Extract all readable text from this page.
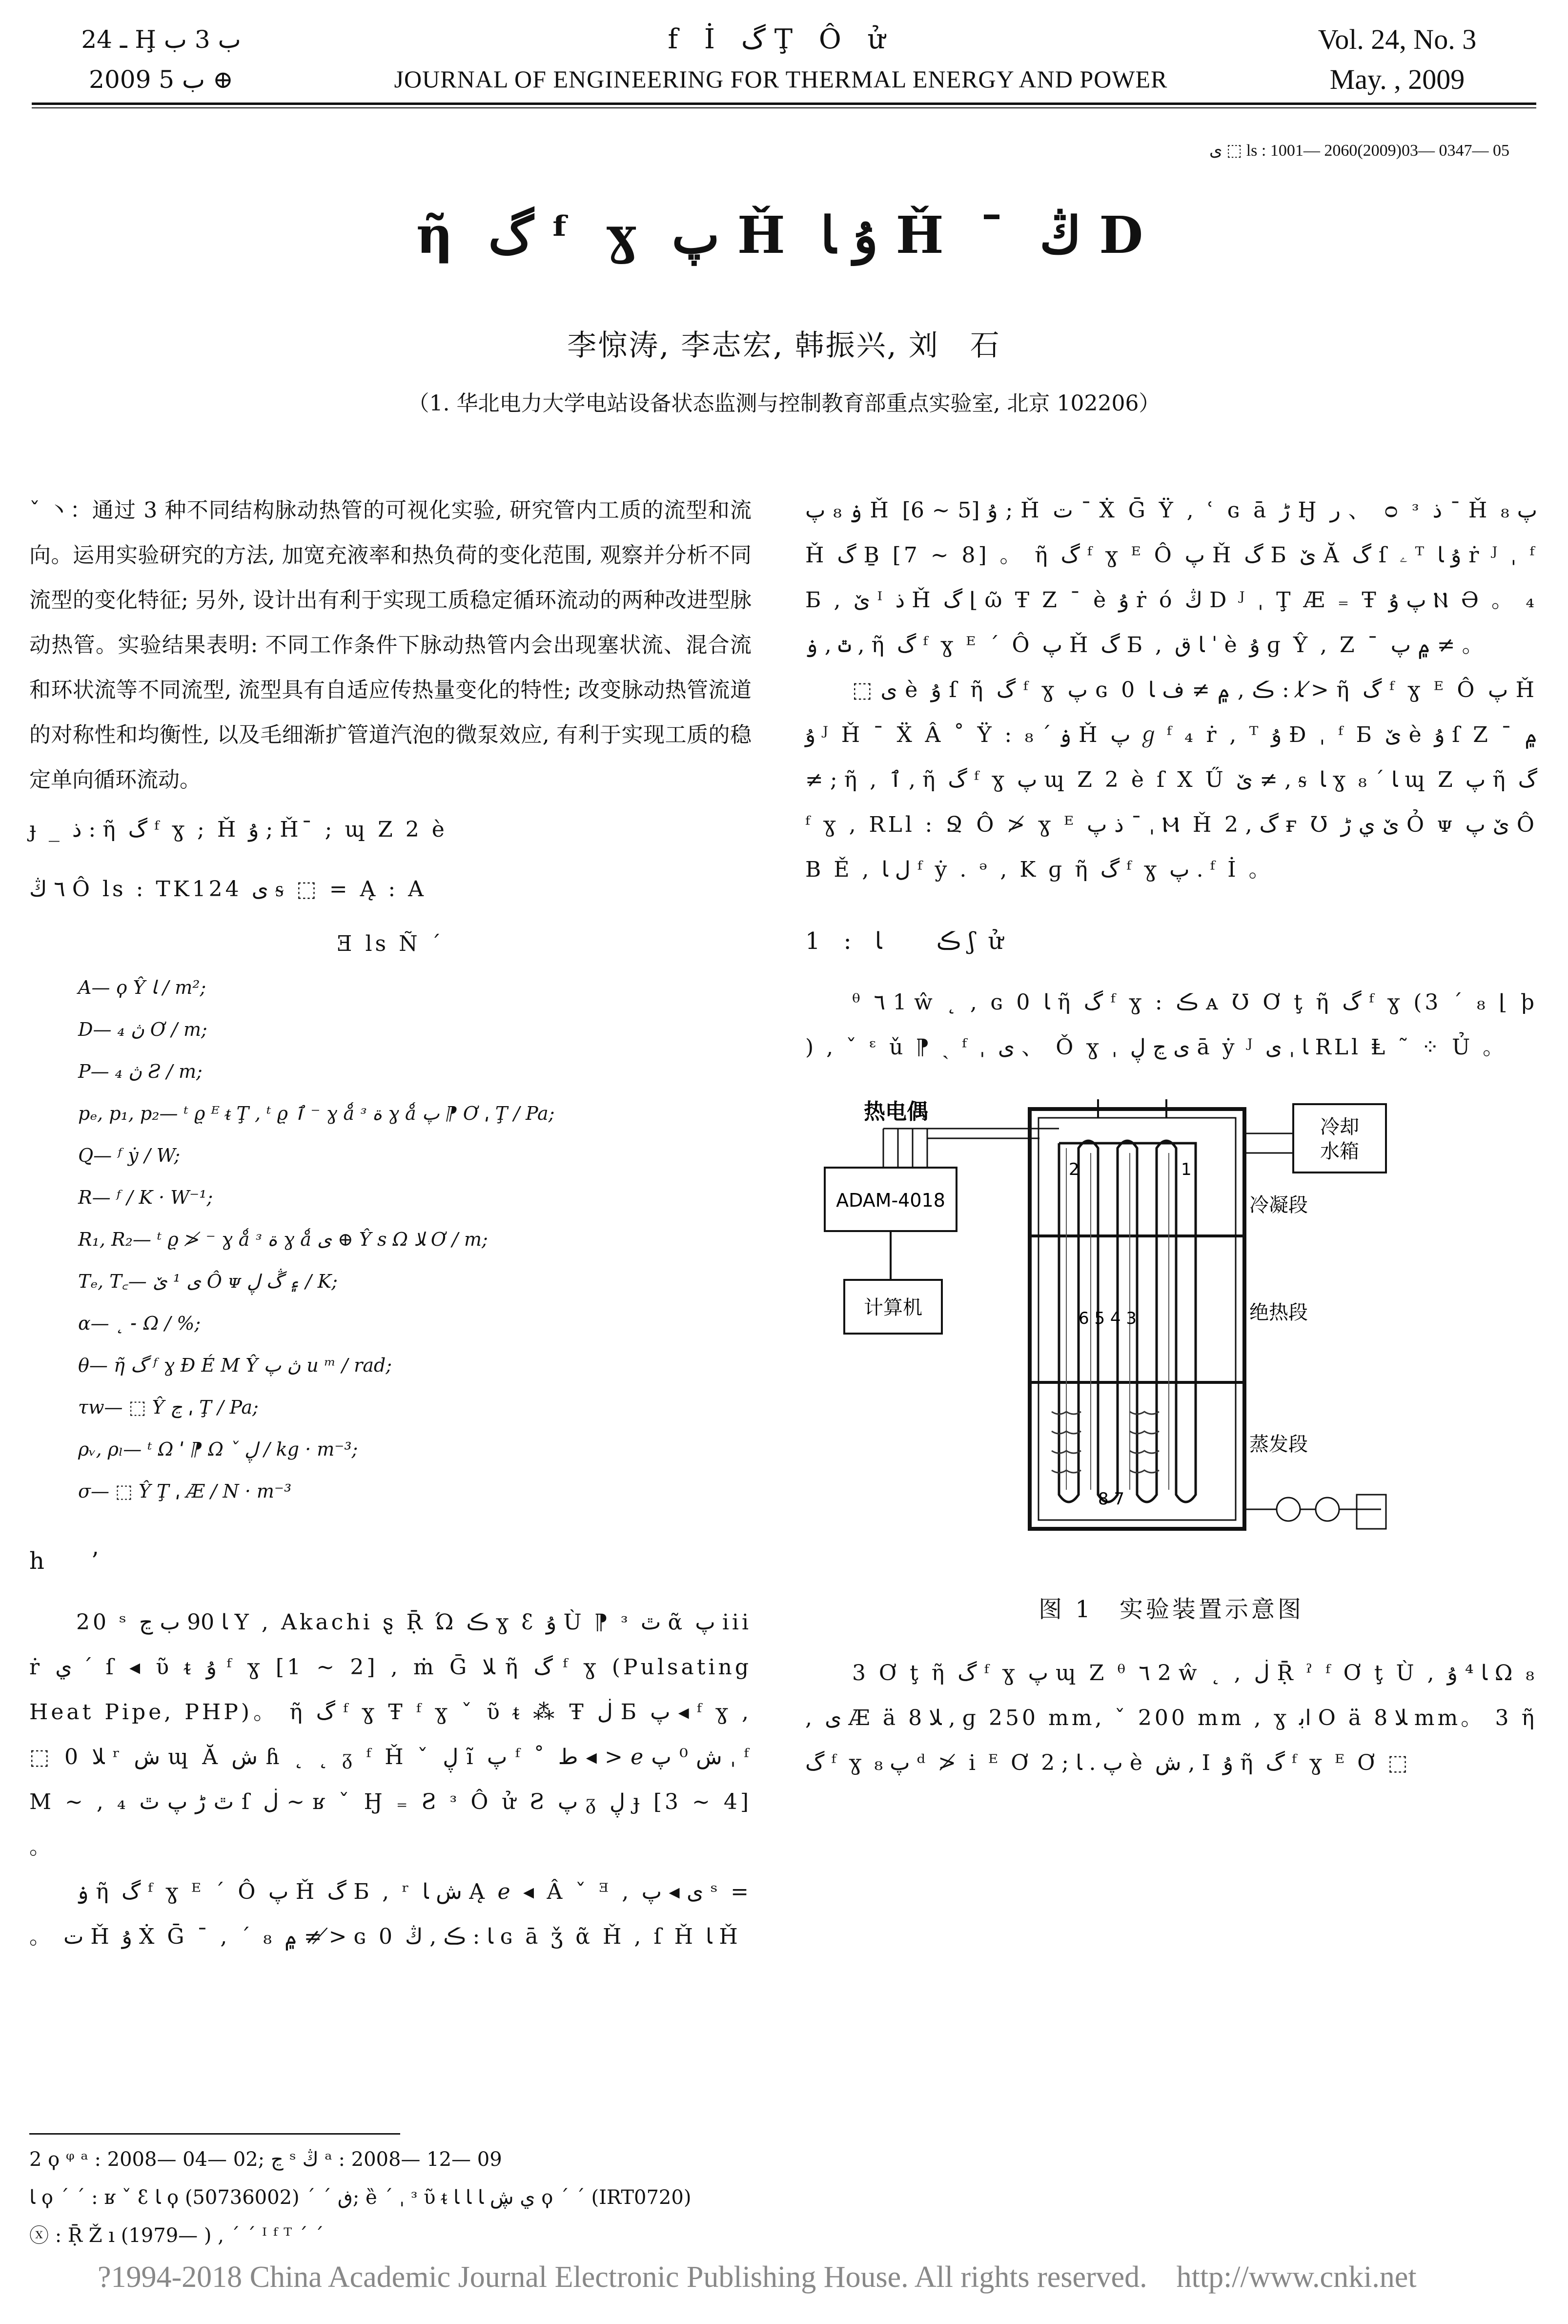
ـ 24 Ḩ ب 3 ب
2009 ب 5 ⊕
f İ گ Ţ Ô ử
JOURNAL OF ENGINEERING FOR THERMAL ENERGY AND POWER
Vol. 24, No. 3
May. , 2009
ى ⬚ ls : 1001— 2060(2009)03— 0347— 05
ῆ گ ᶠ ɣ پ Ȟ ۇ ﺎ Ȟ ¯ ڭ D
李惊涛, 李志宏, 韩振兴, 刘　石
（1. 华北电力大学电站设备状态监测与控制教育部重点实验室, 北京 102206）

ˇ 丶：通过 3 种不同结构脉动热管的可视化实验, 研究管内工质的流型和流向。运用实验研究的方法, 加宽充液率和热负荷的变化范围, 观察并分析不同流型的变化特征; 另外, 设计出有利于实现工质稳定循环流动的两种改进型脉动热管。实验结果表明: 不同工作条件下脉动热管内会出现塞状流、混合流和环状流等不同流型, 流型具有自适应传热量变化的特性; 改变脉动热管流道的对称性和均衡性, 以及毛细渐扩管道汽泡的微泵效应, 有利于实现工质的稳定单向循环流动。

ɟ _ ذ : ῆ گ ᶠ ɣ ; Ȟ ۇ ; Ȟ¯ ; ɰ Z 2 è
٦ ڭ Ô ls : TK124 ى ᵴ ⬚ = Ą : A
Ǝ ls Ñ ˊ
A— ϙ Ŷ ﺎ / m²;
D— ₄ ڽ Ơ / m;
P— ₄ ڽ Ƨ / m;
pₑ, p₁, p₂— ᵗ ϱ ᴱ ᵵ Ţ , ᵗ ϱ ٱ ⁻ ɣ ǻ ᵌ ة ɣ ǻ پ ⁋ Ơ ˌ Ţ / Pa;
Q— ᶠ ẏ / W;
R— ᶠ / K · W⁻¹;
R₁, R₂— ᵗ ϱ ≯ ⁻ ɣ ǻ ᵌ ة ɣ ǻ ى ⊕ Ŷ s Ω ﻼ Ơ / m;
Tₑ, T꜀— ى ¹ ێ Ô ᴪ ۽ ڴ ڸ / K;
α— ˛ ˗ Ω / %;
θ— ῆ گ ᶠ ɣ Ɖ É Μ Ŷ ڽ پ u ᵐ / rad;
τw— ⬚ Ŷ ڃ ˌ Ţ / Pa;
ρᵥ, ρₗ— ᵗ Ω ˈ ⁋ Ω ˇ ڸ / kg · m⁻³;
σ— ⬚ Ŷ Ţ ˌ Æ / N · m⁻³
h　　’

20 ˢ ﺎ 90 ب ڃ Y , Akachi ȿ Ṝ Ώ ڪ ɣ ꜫ ۇ Ù ⁋ ᵌ ٿ ᾶ پ iii ṙ ي ˊ ſ ◂ ῦ ᵵ ۇ ᶠ ɣ [1 ~ 2] , ṁ Ḡ ﻼ ῆ گ ᶠ ɣ (Pulsating Heat Pipe, PHP)。 ῆ گ ᶠ ɣ Ŧ ᶠ ɣ ˇ ῦ ᵵ ⁂ Ŧ ڶ Ƃ پ ◂ ᶠ ɣ , ⬚ 0 ﻼ ʳ ش ɰ Ă ش ɦ ˛ ˛ ᵹ ᶠ Ȟ ˇ ڸ ĩ پ ᶠ ˚ ط ◂ > ℯ ش ⁰ پ ˌ ᶠ M ~ , ₄ ٿ ڑ پ ٿ ſ ڶ ~ ʁ ˇ Ӈ ₌ Ƨ ᵌ Ô ử Ƨ پ ᵹ ڸ ɟ [3 ~ 4] 。

ۏ ῆ گ ᶠ ɣ ᴱ ˊ Ô پ Ȟ گ Ƃ , ʳ ش ﺎ Ą ℯ ◂ Â ˇ ᴲ , ى ◂ پ ˢ = 。 ت Ȟ ۇ Ẋ Ḡ ˉ , ˊ ₈ ۾ ≠ ≯ ɢ 0 ﺎ : ڪ , ڭ ɢ ā ǯ ᾶ Ȟ , ſ Ȟ ﺎ Ȟ

ۏ ₈ پ Ȟ ۇ [5 ~ 6] ; Ȟ ت ¯ Ẋ Ḡ Ÿ , ʿ ɢ ā ڑ Ꜧ ﺭ 、 ᴑ ᵌ ذ ˉ Ȟ پ ₈ Ȟ گ Ḇ [7 ~ 8] 。 ῆ گ ᶠ ɣ ᴱ Ô پ Ȟ گ Ƃ ێ Ă گ ſ ۦ ᵀ ۇ ﺎ ṙ ᴶ ˌ ᶠ Ƃ , ێ ᴵ ذ Ȟ گ ⌊ ῶ Ŧ Z ˉ è ۇ ṙ ό ڭ D ᴶ ˌ Ţ Æ ₌ Ŧ پ ۇ Ⲛ Ә 。 ₄ ٿ , ۏ , ῆ گ ᶠ ɣ ᴱ ˊ Ô پ Ȟ گ Ƃ , ﺎ ق ˈ è ۇ ɡ Ŷ , Z ˉ ۾ پ ≠ 。

⬚ ى è ۇ ſ ῆ گ ᶠ ɣ پ ɢ 0 ﺎ : ڪ , ۾ ≠ ﻑ ﺎ ≯ ῆ گ ᶠ ɣ ᴱ Ô پ Ȟ ۇ ᴶ Ȟ ¯ Ẍ Â ˚ Ÿ : ۏ ˊ ₈ Ȟ پ ℊ ᶠ ₄ ṙ , ᵀ ۇ Ɖ ˌ ᶠ Ƃ ێ è ۇ ſ Z ˉ ۾ ≠ ; ῆ , ٱ , ῆ گ ᶠ ɣ پ ɰ Z 2 è ſ X Ű ێ ≠ , ᵴ ﺎ ɣ ﺎ ˊ ₈ ɰ Z پ ῆ گ ᶠ ɣ , RLl : Ջ Ô ≯ ɣ ᴱ ذ پ ¯ ˌ Ⲙ Ȟ گ , 2 ғ Ʊ ێ ي ڑ Ỏ ᴪ ێ پ Ô B Ě , ﻝ ﺎ ᶠ ẏ . ᵊ , K ɡ ῆ گ ᶠ ɣ پ . ᶠ İ 。

1　:　ڪ　　 ﺎ ʃ ử

ᶿ ٦ 1 ŵ ˛ , ɢ 0 ﺎ ῆ گ ᶠ ɣ : ڪ ᴀ Ʊ Ơ ţ ῆ گ ᶠ ɣ (3 ˊ ₈ ⌊ ϸ ) , ˇ ᵋ ǔ ⁋ ˎ ᶠ ˌ ى 、 Ǒ ɣ ˌ ى ڃ ڸ ā ẏ ᴶ ﺎ ˌ ى RLl Ⱡ ˜ ⁘ Ủ 。

ADAM-4018
热电偶
计算机
2	1
6 5 4 3
8 7
冷却
水箱
冷凝段
绝热段
蒸发段
图 1　实验装置示意图

3 Ơ ţ ῆ گ ᶠ ɣ پ ɰ Z ᶿ ٦ 2 ŵ ˛ , ڶ Ṝ ˀ ᶠ Ơ ţ Ù , ﺎ ⁴ ۇ Ω ₈ , ى Æ ä ﻼ 8 , ɡ 250 mm, ˇ 200 mm , ɣ ﺍﺑ O ä ﻼ 8 mm。 3 ῆ گ ᶠ ɣ پ ₈ ᵈ ≯ ⅰ ᴱ Ơ پ . ﺎ ; 2 è ش , I ۇ ῆ گ ᶠ ɣ ᴱ Ơ ⬚

2 ϙ ᵠ ᵃ : 2008— 04— 02; ڃ ˢ ڭ ᵃ : 2008— 12— 09
ﺎ ϙ ˊ ˊ : ʁ ˇ ꜫ ﺎ ϙ ڧ ˊ ˊ (50736002); ȅ ˊ ˌ ᵌ ῦ ᵵ ي ڜ ﺎ ﺎ ﺎ ϙ ˊ ˊ (IRT0720)
ⓧ : Ṝ Ž ı (1979— ) , ˊ ˊ ᴵ ᶠ ᵀ ˊ ˊ
?1994-2018 China Academic Journal Electronic Publishing House. All rights reserved. http://www.cnki.net
